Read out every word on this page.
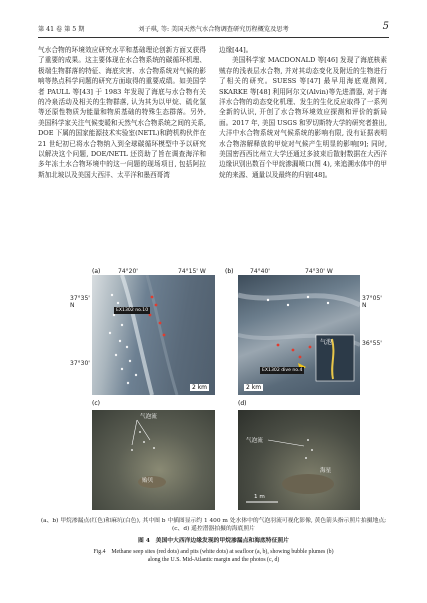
第 41 卷 第 5 期	刘子琪, 等: 美国天然气水合物调查研究历程概览及思考	5

气水合物的环境效应研究水平和基础理论创新方面又获得了重要的成果。这主要体现在水合物系统的碳循环机理、极端生物群落的特征、海底灾害、水合物系统对气候的影响等热点科学问题的研究方面取得的重要成绩。如美国学者 PAULL 等[43] 于 1983 年发现了海底与水合物有关的冷泉活动及相关的生物群落, 认为其为以甲烷、硫化氢等还原性物质为能量和物质基础的特殊生态群落。另外, 美国科学家关注气候变暖和天然气水合物系统之间的关系, DOE 下属的国家能源技术实验室(NETL)和跨机构伙伴在 21 世纪初已将水合物纳入到全球碳循环模型中予以研究以解决这个问题, DOE/NETL 还资助了旨在调查海洋和多年冻土水合物环境中的这一问题的现场项目, 包括阿拉斯加北坡以及美国大西洋、太平洋和墨西哥湾

边缘[44]。

美国科学家 MACDONALD 等[46] 发现了海底核素贼存的浅表层水合物, 并对其动态变化及附近的生物进行了相关的研究。SUESS 等[47] 最早用海底观测网, SKARKE 等[48] 利用阿尔文(Alvin)等先进潜器, 对于海洋水合物的动态变化机理、发生的生化反应取得了一系列全新的认识, 开创了水合物环境效应探测和评价的新局面。2017 年, 美国 USGS 和罗切斯特大学的研究者推出, 大洋中水合物系统对气候系统的影响有限, 没有证据表明水合物溶解释放的甲烷对气候产生明显的影响[9]; 同时, 美国密西西比州立大学还通过多波束后散射数据在大西洋边缘识别出数百个甲烷渗漏喷口(图 4), 来追溯水体中的甲烷的来源、通量以及最终的归宿[48]。

EX1302 no.10
2 km
(a)	74°20'	74°15' W
37°35' N
37°30'
EX1302 dive no.4
气泡
2 km
(b)	74°40'	74°30' W
37°05' N
36°55'
气泡流
贻贝
(c)
气泡流
海星
1 m
(d)
(a、b) 甲烷渗漏点(红色)和麻坑(白色), 其中图 b 中插图显示约 1 400 m 处水体中的气泡羽流可视化影像, 黄色箭头指示照片拍摄地点;
(c、d) 遥控潜器拍摄的海底照片
图 4　美国中大西洋边缘发现的甲烷渗漏点和海底特征照片
Fig.4　Methane seep sites (red dots) and pits (white dots) at seafloor (a, b), showing bubble plumes (b)
along the U.S. Mid-Atlantic margin and the photos (c, d)
